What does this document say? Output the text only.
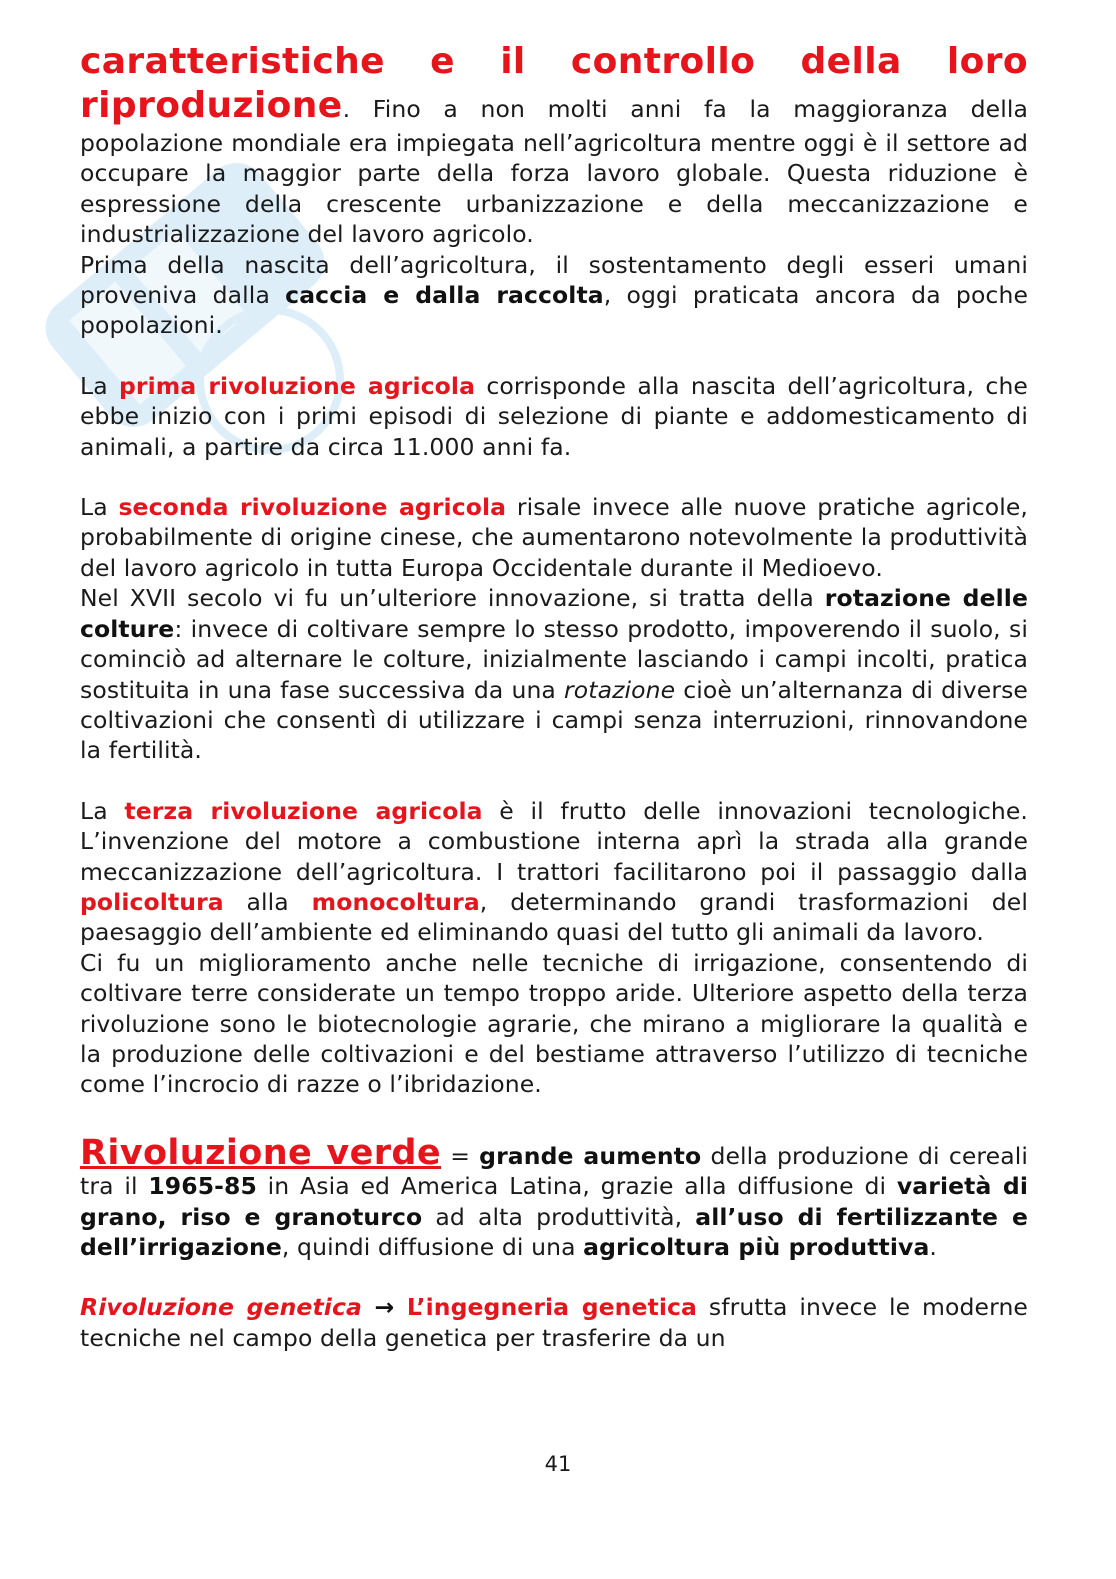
caratteristiche e il controllo della loro

riproduzione. Fino a non molti anni fa la maggioranza della popolazione mondiale era impiegata nell’agricoltura mentre oggi è il settore ad occupare la maggior parte della forza lavoro globale. Questa riduzione è espressione della crescente urbanizzazione e della meccanizzazione e industrializzazione del lavoro agricolo.

Prima della nascita dell’agricoltura, il sostentamento degli esseri umani proveniva dalla caccia e dalla raccolta, oggi praticata ancora da poche popolazioni.

La prima rivoluzione agricola corrisponde alla nascita dell’agricoltura, che ebbe inizio con i primi episodi di selezione di piante e addomesticamento di animali, a partire da circa 11.000 anni fa.

La seconda rivoluzione agricola risale invece alle nuove pratiche agricole, probabilmente di origine cinese, che aumentarono notevolmente la produttività del lavoro agricolo in tutta Europa Occidentale durante il Medioevo.

Nel XVII secolo vi fu un’ulteriore innovazione, si tratta della rotazione delle colture: invece di coltivare sempre lo stesso prodotto, impoverendo il suolo, si cominciò ad alternare le colture, inizialmente lasciando i campi incolti, pratica sostituita in una fase successiva da una rotazione cioè un’alternanza di diverse coltivazioni che consentì di utilizzare i campi senza interruzioni, rinnovandone la fertilità.

La terza rivoluzione agricola è il frutto delle innovazioni tecnologiche. L’invenzione del motore a combustione interna aprì la strada alla grande meccanizzazione dell’agricoltura. I trattori facilitarono poi il passaggio dalla policoltura alla monocoltura, determinando grandi trasformazioni del paesaggio dell’ambiente ed eliminando quasi del tutto gli animali da lavoro.

Ci fu un miglioramento anche nelle tecniche di irrigazione, consentendo di coltivare terre considerate un tempo troppo aride. Ulteriore aspetto della terza rivoluzione sono le biotecnologie agrarie, che mirano a migliorare la qualità e la produzione delle coltivazioni e del bestiame attraverso l’utilizzo di tecniche come l’incrocio di razze o l’ibridazione.

Rivoluzione verde = grande aumento della produzione di cereali tra il 1965-85 in Asia ed America Latina, grazie alla diffusione di varietà di grano, riso e granoturco ad alta produttività, all’uso di fertilizzante e dell’irrigazione, quindi diffusione di una agricoltura più produttiva.

Rivoluzione genetica → L’ingegneria genetica sfrutta invece le moderne tecniche nel campo della genetica per trasferire da un

41
